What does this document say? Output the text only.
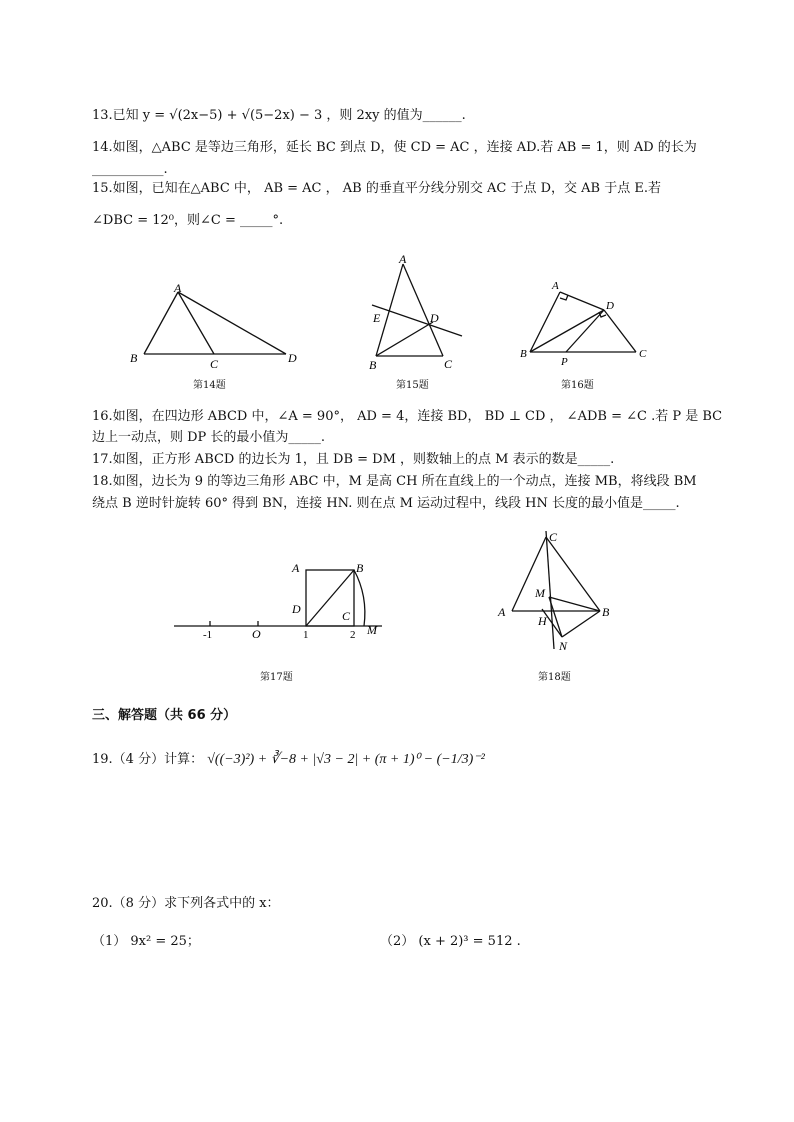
13.已知 y = √(2x−5) + √(5−2x) − 3 ，则 2xy 的值为______.
14.如图，△ABC 是等边三角形，延长 BC 到点 D，使 CD = AC ，连接 AD.若 AB = 1，则 AD 的长为
___________.
15.如图，已知在△ABC 中， AB = AC ， AB 的垂直平分线分别交 AC 于点 D，交 AB 于点 E.若
∠DBC = 12⁰，则∠C = _____°.
A
B	C	D
第14题
A
E	D
B	C
第15题
A
D
B
P
C
第16题
16.如图，在四边形 ABCD 中，∠A = 90°， AD = 4，连接 BD， BD ⊥ CD ， ∠ADB = ∠C .若 P 是 BC
边上一动点，则 DP 长的最小值为_____.
17.如图，正方形 ABCD 的边长为 1，且 DB = DM ，则数轴上的点 M 表示的数是_____.
18.如图，边长为 9 的等边三角形 ABC 中，M 是高 CH 所在直线上的一个动点，连接 MB，将线段 BM
绕点 B 逆时针旋转 60° 得到 BN，连接 HN. 则在点 M 运动过程中，线段 HN 长度的最小值是_____.
A	B
D	C
-1	O	1	2 M
第17题
C
M
A	B
H
N
第18题
三、解答题（共 66 分）
19.（4 分）计算： √((−3)²) + ∛−8 + |√3 − 2| + (π + 1)⁰ − (−1/3)⁻²
20.（8 分）求下列各式中的 x：
（1） 9x² = 25；	（2） (x + 2)³ = 512 .
